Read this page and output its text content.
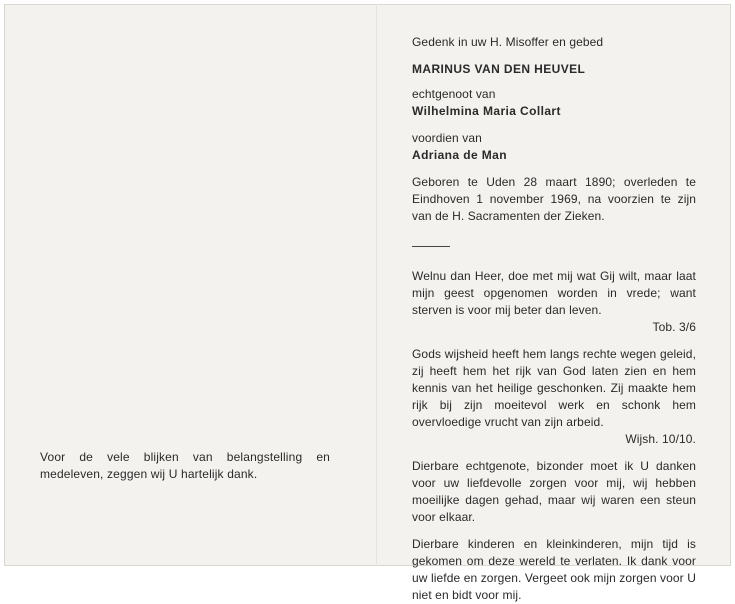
Voor de vele blijken van belangstelling en medeleven, zeggen wij U hartelijk dank.

Gedenk in uw H. Misoffer en gebed

MARINUS VAN DEN HEUVEL

echtgenoot van

Wilhelmina Maria Collart

voordien van

Adriana de Man

Geboren te Uden 28 maart 1890; overleden te Eindhoven 1 november 1969, na voorzien te zijn van de H. Sacramenten der Zieken.

Welnu dan Heer, doe met mij wat Gij wilt, maar laat mijn geest opgenomen worden in vrede; want sterven is voor mij beter dan leven.

Tob. 3/6

Gods wijsheid heeft hem langs rechte wegen geleid, zij heeft hem het rijk van God laten zien en hem kennis van het heilige geschonken. Zij maakte hem rijk bij zijn moeitevol werk en schonk hem overvloedige vrucht van zijn arbeid.

Wijsh. 10/10.

Dierbare echtgenote, bizonder moet ik U danken voor uw liefdevolle zorgen voor mij, wij hebben moeilijke dagen gehad, maar wij waren een steun voor elkaar.

Dierbare kinderen en kleinkinderen, mijn tijd is gekomen om deze wereld te verlaten. Ik dank voor uw liefde en zorgen. Vergeet ook mijn zorgen voor U niet en bidt voor mij.
